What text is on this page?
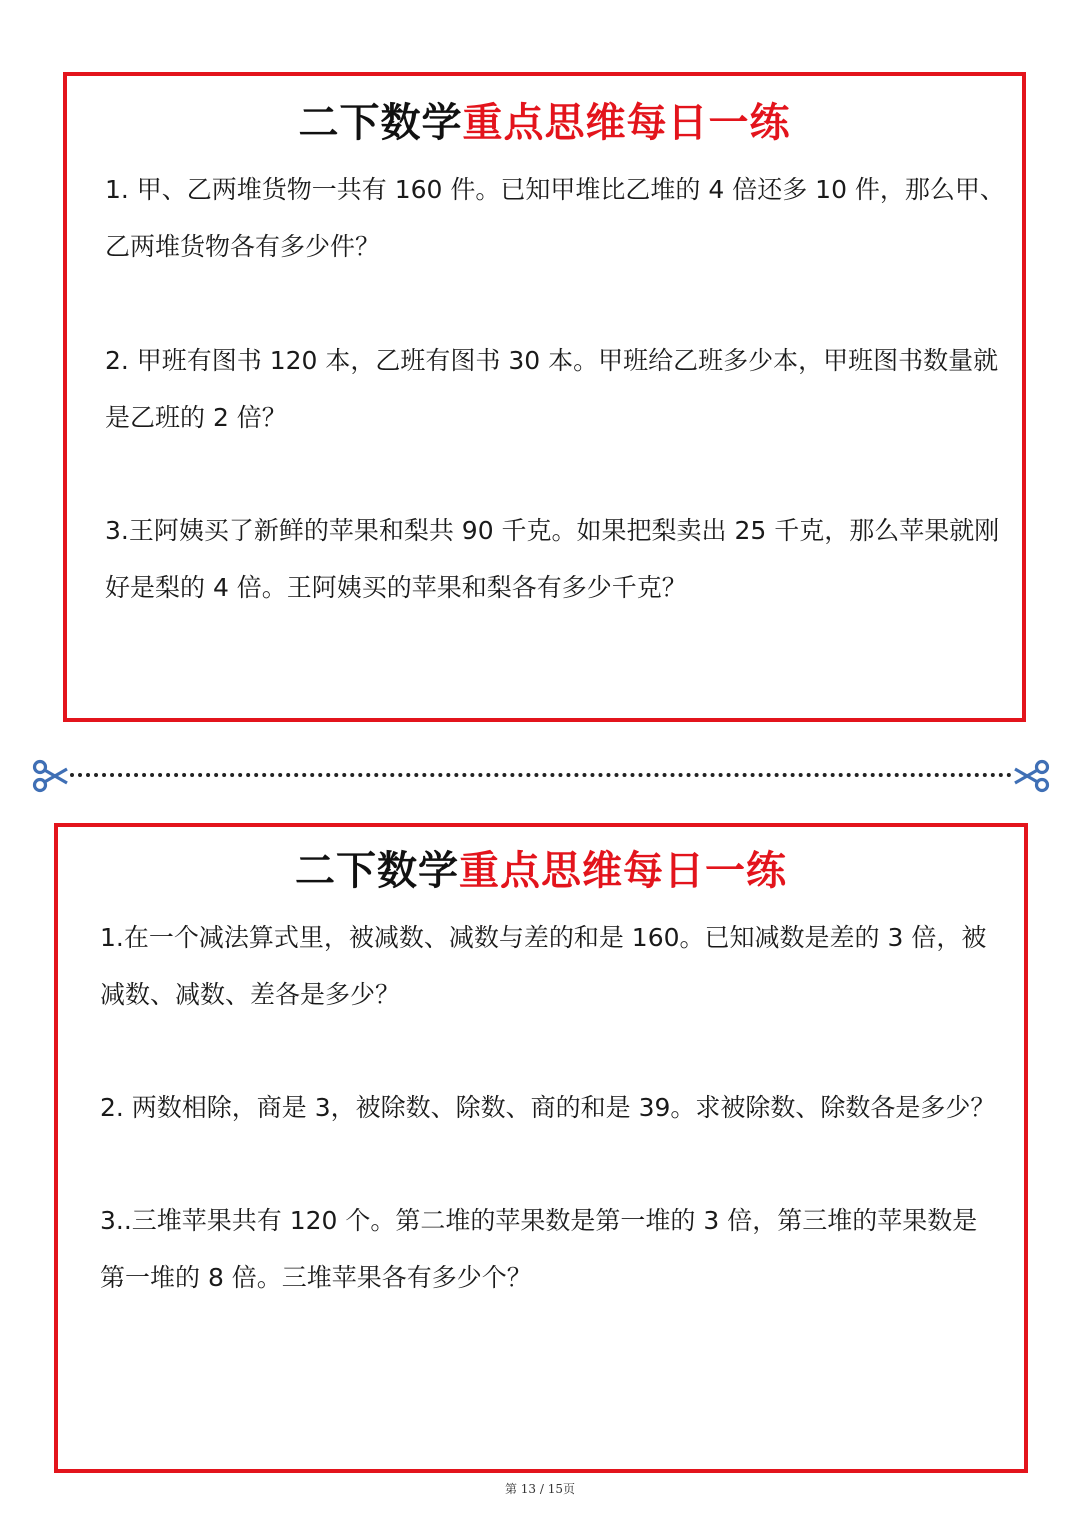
二下数学重点思维每日一练

1. 甲、乙两堆货物一共有 160 件。已知甲堆比乙堆的 4 倍还多 10 件，那么甲、乙两堆货物各有多少件？

2. 甲班有图书 120 本，乙班有图书 30 本。甲班给乙班多少本，甲班图书数量就是乙班的 2 倍？

3.王阿姨买了新鲜的苹果和梨共 90 千克。如果把梨卖出 25 千克，那么苹果就刚好是梨的 4 倍。王阿姨买的苹果和梨各有多少千克？

二下数学重点思维每日一练

1.在一个减法算式里，被减数、减数与差的和是 160。已知减数是差的 3 倍，被减数、减数、差各是多少？

2. 两数相除，商是 3，被除数、除数、商的和是 39。求被除数、除数各是多少？

3..三堆苹果共有 120 个。第二堆的苹果数是第一堆的 3 倍，第三堆的苹果数是第一堆的 8 倍。三堆苹果各有多少个？

第 13 / 15页
